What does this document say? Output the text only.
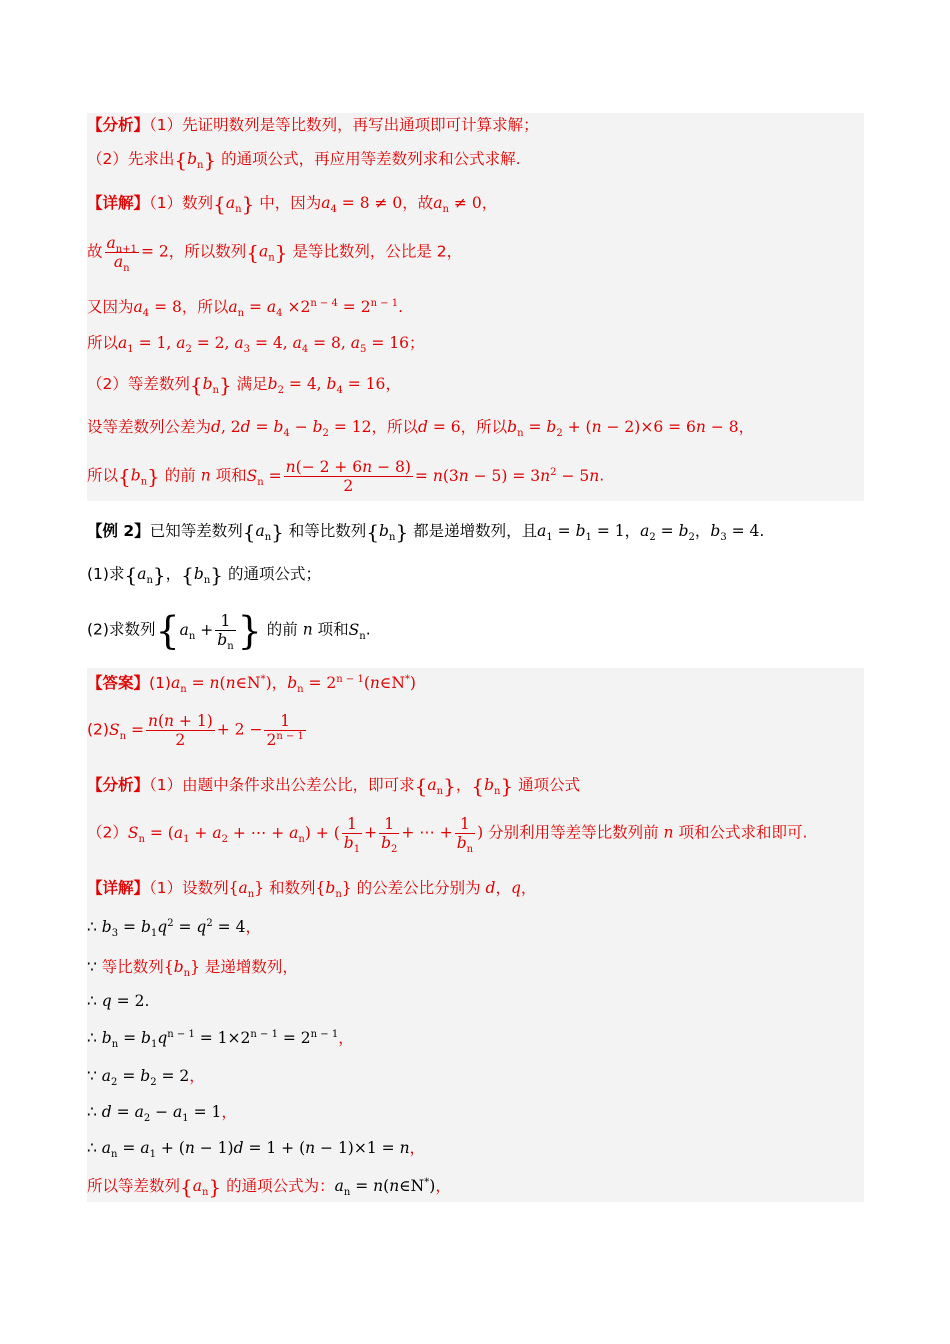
【分析】（1）先证明数列是等比数列，再写出通项即可计算求解；
（2）先求出$\{b_n\}$ 的通项公式，再应用等差数列求和公式求解.
【详解】（1）数列$\{a_n\}$ 中，因为$a_4 = 8 \ne 0$，故$a_n \ne 0$，
故 $\frac{a_{n+1}}{a_n} = 2$，所以数列$\{a_n\}$ 是等比数列，公比是 2，
又因为$a_4 = 8$，所以$a_n = a_4 \times 2^{n - 4} = 2^{n - 1}$.
所以$a_1 = 1$, $a_2 = 2$, $a_3 = 4$, $a_4 = 8$, $a_5 = 16$；
（2）等差数列$\{b_n\}$ 满足$b_2 = 4$, $b_4 = 16$，
设等差数列公差为d, $2d = b_4 - b_2 = 12$，所以d = 6，所以$b_n = b_2 + (n - 2)\times 6 = 6n - 8$，
所以$\{b_n\}$ 的前 n 项和$S_n = \frac{n(- 2 + 6n - 8)}{2} = n(3n - 5) = 3n^2 - 5n$.
【例 2】已知等差数列$\{a_n\}$ 和等比数列$\{b_n\}$ 都是递增数列，且$a_1 = b_1 = 1$，$a_2 = b_2$，$b_3 = 4$.
(1)求$\{a_n\}$，$\{b_n\}$ 的通项公式；
(2)求数列{$a_n + \frac{1}{b_n}$ } 的前 n 项和$S_n$.
【答案】$(1)a_n$ = n(n∈N*)，$b_n$ = $2^{n - 1}(n\in N^*)$
$(2)S_n = \frac{n(n + 1)}{2} + 2 - \frac{1}{2^{n - 1}}$
【分析】（1）由题中条件求出公差公比，即可求$\{a_n\}$，$\{b_n\}$ 通项公式
$(2)S_n = (a_1 + a_2$ + ⋯ + $a_n$) + ( $\frac{1}{b_1} + \frac{1}{b_2}$ + ⋯ + $\frac{1}{b_n}$ ) 分别利用等差等比数列前 n 项和公式求和即可.
【详解】（1）设数列$\{a_n\}$ 和数列$\{b_n\}$ 的公差公比分别为 d，q，
∴ $b_3 = b_1q^2 = q^2 = 4$，
∵ 等比数列$\{b_n\}$ 是递增数列，
∴ q = 2.
∴ $b_n = b_1q^{n - 1} = 1\times 2^{n - 1} = 2^{n - 1}$，
∵ $a_2 = b_2 = 2$，
∴ $d = a_2 - a_1 = 1$，
∴ $a_n = a_1 + (n - 1)d = 1 + (n - 1)\times 1 = n$，
所以等差数列$\{a_n\}$ 的通项公式为：$a_n$ = n(n∈N*)，
